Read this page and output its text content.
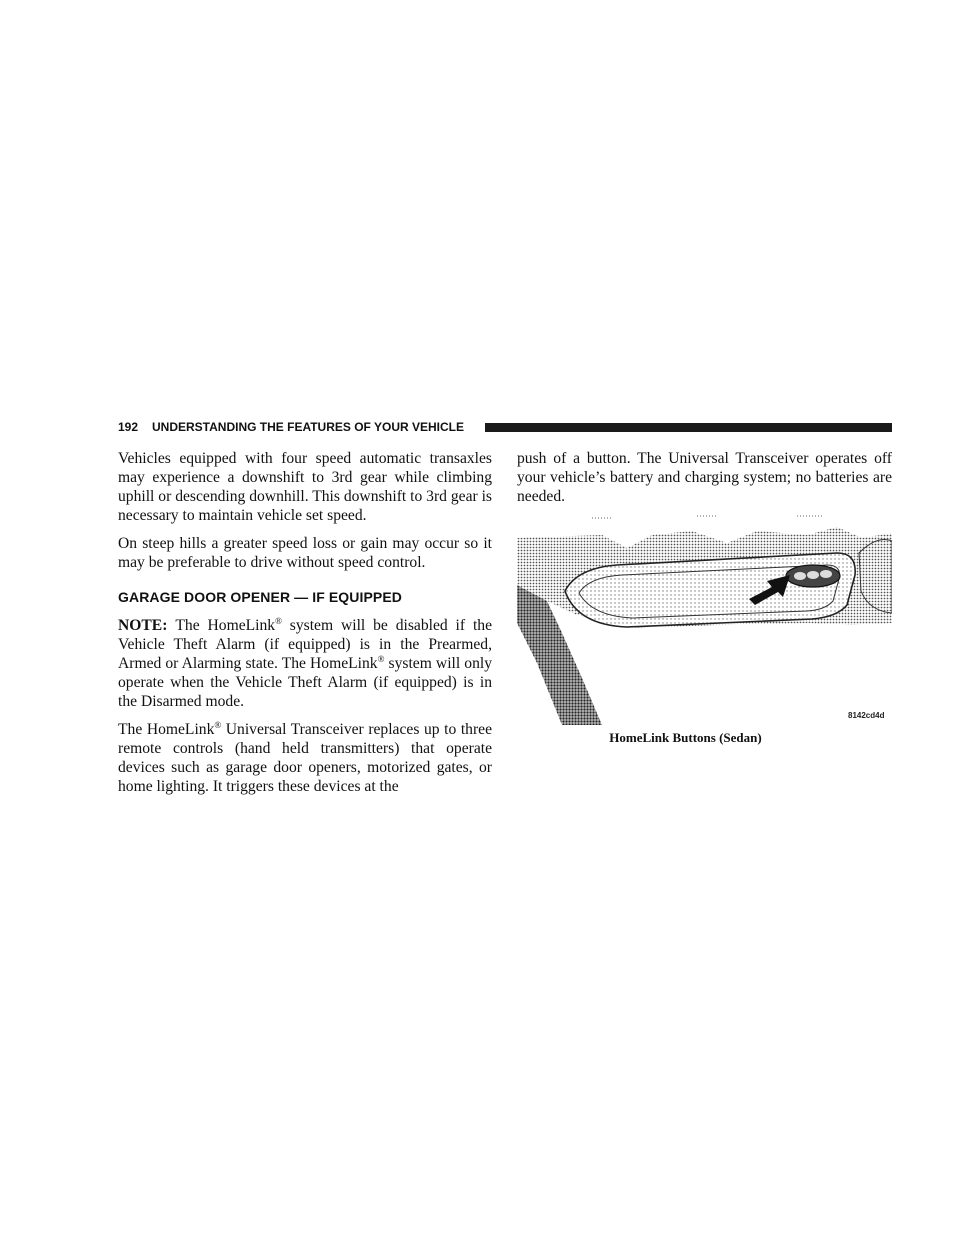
192 UNDERSTANDING THE FEATURES OF YOUR VEHICLE

Vehicles equipped with four speed automatic transaxles may experience a downshift to 3rd gear while climbing uphill or descending downhill. This downshift to 3rd gear is necessary to maintain vehicle set speed.

On steep hills a greater speed loss or gain may occur so it may be preferable to drive without speed control.

GARAGE DOOR OPENER — IF EQUIPPED

NOTE: The HomeLink® system will be disabled if the Vehicle Theft Alarm (if equipped) is in the Prearmed, Armed or Alarming state. The HomeLink® system will only operate when the Vehicle Theft Alarm (if equipped) is in the Disarmed mode.

The HomeLink® Universal Transceiver replaces up to three remote controls (hand held transmitters) that operate devices such as garage door openers, motorized gates, or home lighting. It triggers these devices at the

push of a button. The Universal Transceiver operates off your vehicle’s battery and charging system; no batteries are needed.

8142cd4d
HomeLink Buttons (Sedan)
